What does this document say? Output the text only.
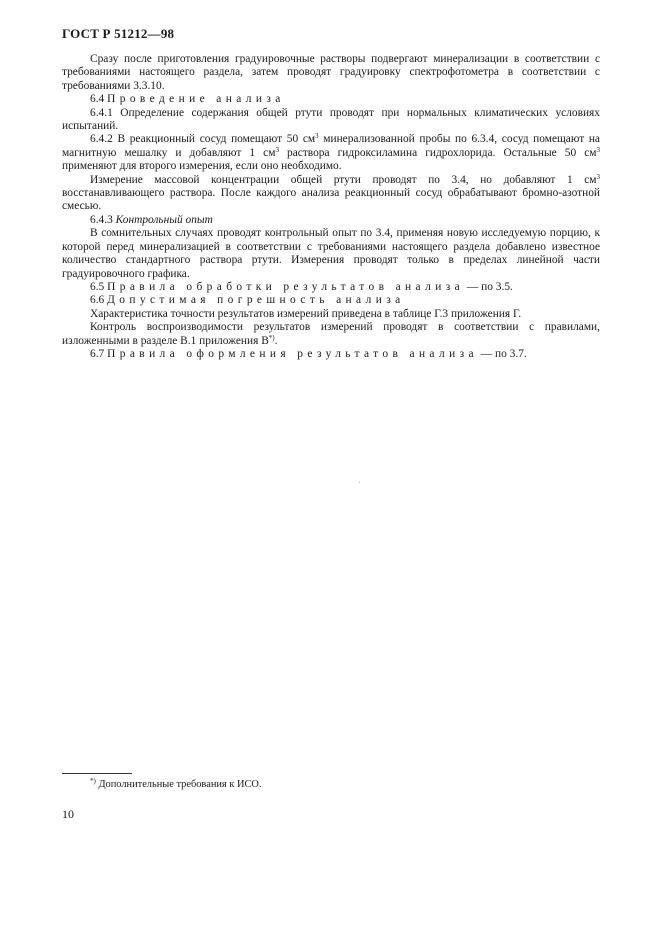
ГОСТ Р 51212—98

Сразу после приготовления градуировочные растворы подвергают минерализации в соответствии с требованиями настоящего раздела, затем проводят градуировку спектрофотометра в соответствии с требованиями 3.3.10.

6.4 Проведение анализа

6.4.1 Определение содержания общей ртути проводят при нормальных климатических условиях испытаний.

6.4.2 В реакционный сосуд помещают 50 $см^3$ минерализованной пробы по 6.3.4, сосуд помещают на магнитную мешалку и добавляют 1 $см^3$ раствора гидроксиламина гидрохлорида. Остальные 50 $см^3$ применяют для второго измерения, если оно необходимо.

Измерение массовой концентрации общей ртути проводят по 3.4, но добавляют 1 $см^3$ восстанавливающего раствора. После каждого анализа реакционный сосуд обрабатывают бромно-азотной смесью.

6.4.3 Контрольный опыт

В сомнительных случаях проводят контрольный опыт по 3.4, применяя новую исследуемую порцию, к которой перед минерализацией в соответствии с требованиями настоящего раздела добавлено известное количество стандартного раствора ртути. Измерения проводят только в пределах линейной части градуировочного графика.

6.5 Правила обработки результатов анализа — по 3.5.

6.6 Допустимая погрешность анализа

Характеристика точности результатов измерений приведена в таблице Г.3 приложения Г.

Контроль воспроизводимости результатов измерений проводят в соответствии с правилами, изложенными в разделе В.1 приложения В*).

6.7 Правила оформления результатов анализа — по 3.7.

*) Дополнительные требования к ИСО.
10
